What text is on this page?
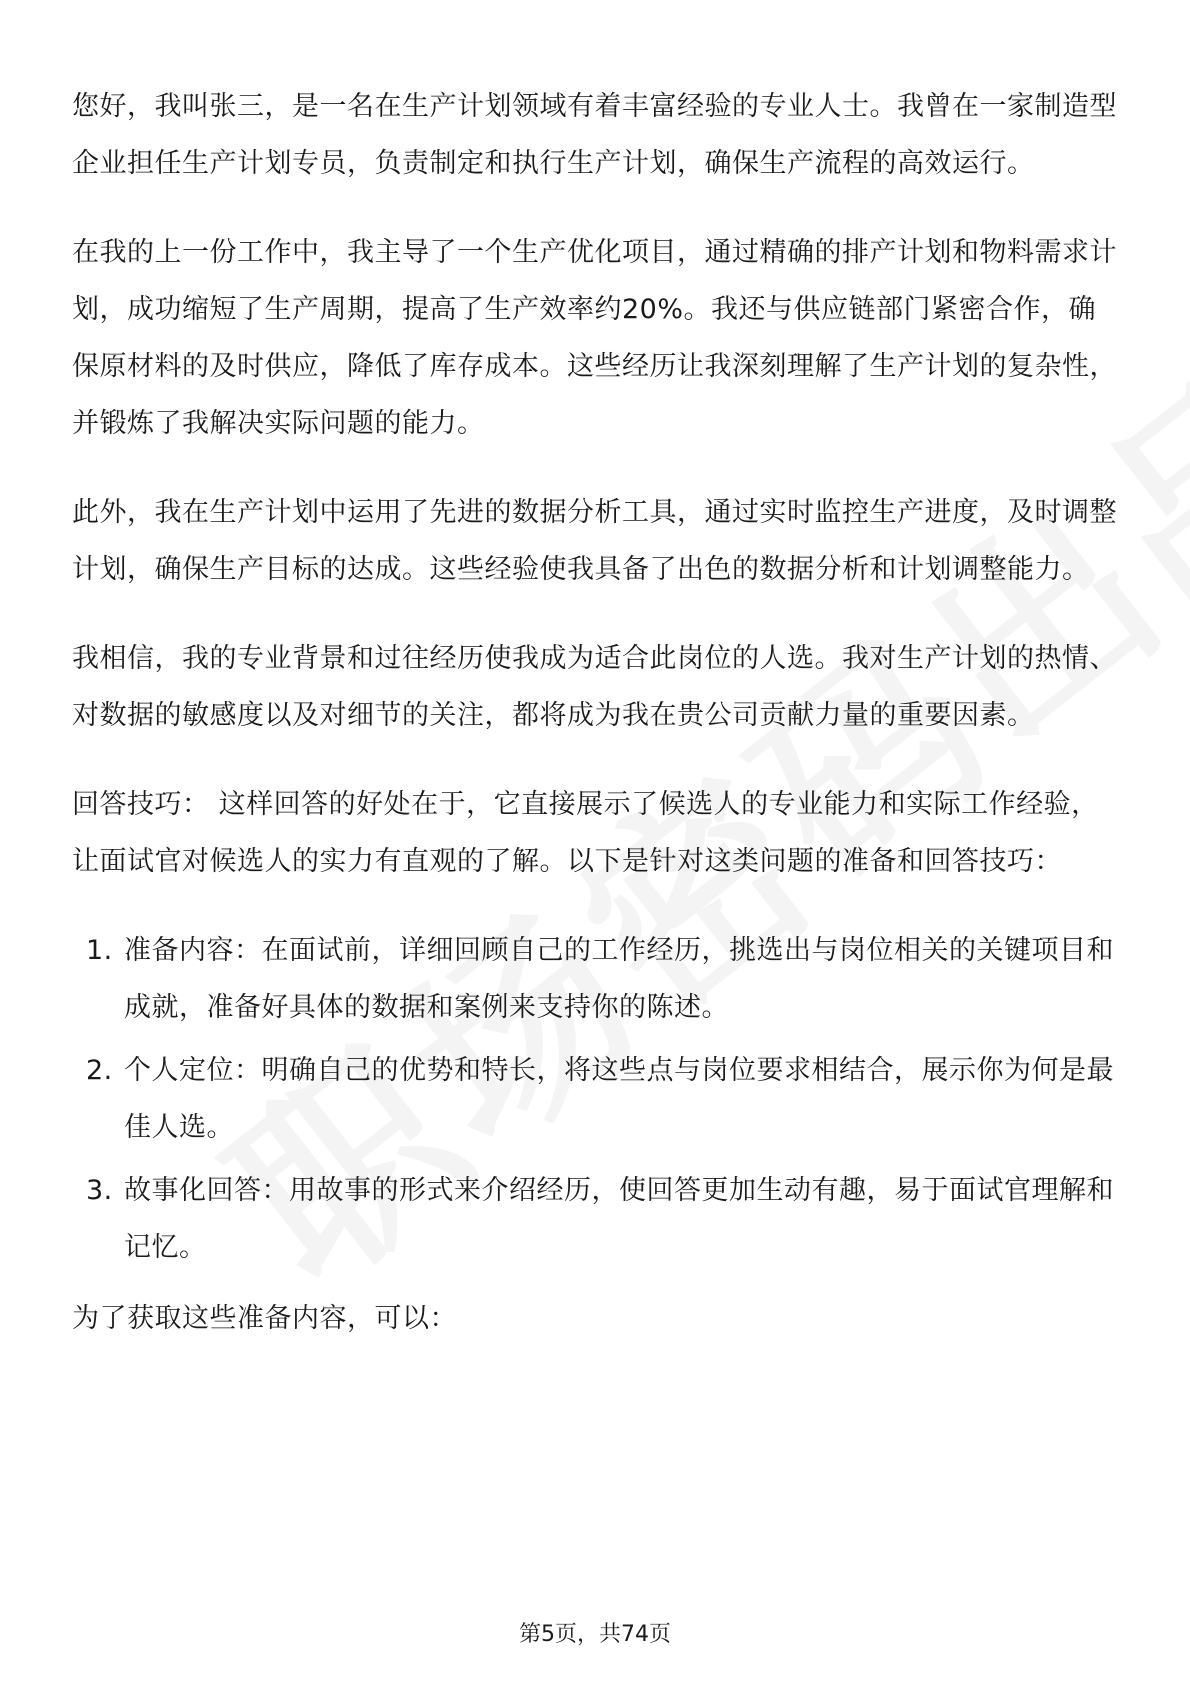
您好，我叫张三，是一名在生产计划领域有着丰富经验的专业人士。我曾在一家制造型企业担任生产计划专员，负责制定和执行生产计划，确保生产流程的高效运行。

在我的上一份工作中，我主导了一个生产优化项目，通过精确的排产计划和物料需求计划，成功缩短了生产周期，提高了生产效率约20%。我还与供应链部门紧密合作，确保原材料的及时供应，降低了库存成本。这些经历让我深刻理解了生产计划的复杂性，并锻炼了我解决实际问题的能力。

此外，我在生产计划中运用了先进的数据分析工具，通过实时监控生产进度，及时调整计划，确保生产目标的达成。这些经验使我具备了出色的数据分析和计划调整能力。

我相信，我的专业背景和过往经历使我成为适合此岗位的人选。我对生产计划的热情、对数据的敏感度以及对细节的关注，都将成为我在贵公司贡献力量的重要因素。

回答技巧： 这样回答的好处在于，它直接展示了候选人的专业能力和实际工作经验，让面试官对候选人的实力有直观的了解。以下是针对这类问题的准备和回答技巧：

1. 准备内容：在面试前，详细回顾自己的工作经历，挑选出与岗位相关的关键项目和成就，准备好具体的数据和案例来支持你的陈述。
2. 个人定位：明确自己的优势和特长，将这些点与岗位要求相结合，展示你为何是最佳人选。
3. 故事化回答：用故事的形式来介绍经历，使回答更加生动有趣，易于面试官理解和记忆。

为了获取这些准备内容，可以：

第5页，共74页
